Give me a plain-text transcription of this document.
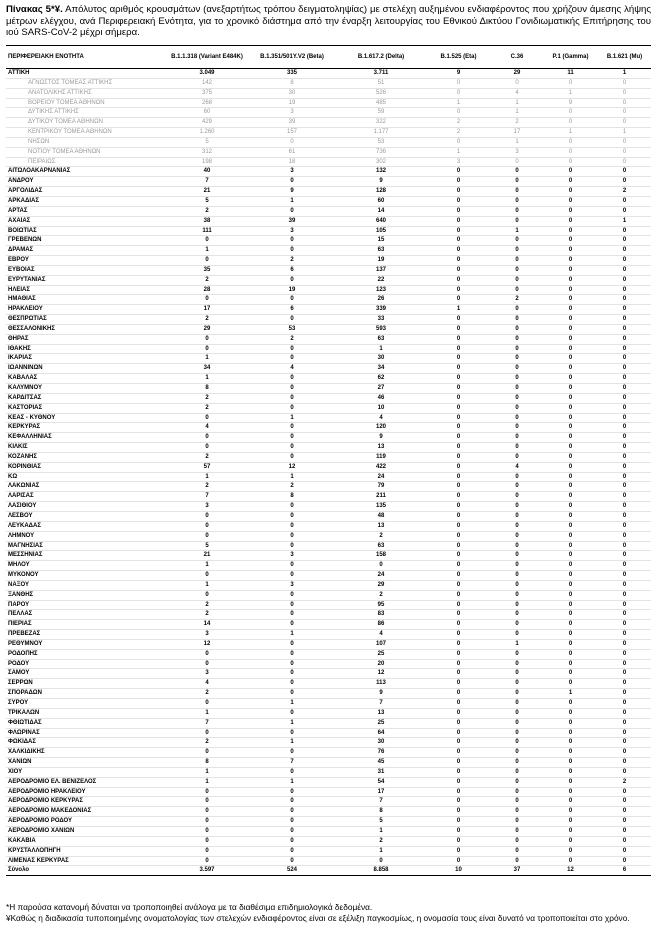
Πίνακας 5*¥. Απόλυτος αριθμός κρουσμάτων (ανεξαρτήτως τρόπου δειγματοληψίας) με στελέχη αυξημένου ενδιαφέροντος που χρήζουν άμεσης λήψης μέτρων ελέγχου, ανά Περιφερειακή Ενότητα, για το χρονικό διάστημα από την έναρξη λειτουργίας του Εθνικού Δικτύου Γονιδιωματικής Επιτήρησης του ιού SARS-CoV-2 μέχρι σήμερα.
ΠΕΡΙΦΕΡΕΙΑΚΗ ΕΝΟΤΗΤΑ	B.1.1.318 (Variant E484K)	B.1.351/501Y.V2 (Beta)	B.1.617.2 (Delta)	B.1.525 (Eta)	C.36	P.1 (Gamma)	B.1.621 (Mu)
ΑΤΤΙΚΗ	3.049	335	3.711	9	29	11	1
ΑΓΝΩΣΤΟΣ ΤΟΜΕΑΣ ΑΤΤΙΚΗΣ	142	8	51	0	0	0	0
ΑΝΑΤΟΛΙΚΗΣ ΑΤΤΙΚΗΣ	375	30	526	0	4	1	0
ΒΟΡΕΙΟΥ ΤΟΜΕΑ ΑΘΗΝΩΝ	268	19	485	1	1	9	0
ΔΥΤΙΚΗΣ ΑΤΤΙΚΗΣ	60	3	59	0	1	0	0
ΔΥΤΙΚΟΥ ΤΟΜΕΑ ΑΘΗΝΩΝ	429	39	322	2	2	0	0
ΚΕΝΤΡΙΚΟΥ ΤΟΜΕΑ ΑΘΗΝΩΝ	1.260	157	1.177	2	17	1	1
ΝΗΣΩΝ	5	0	53	0	1	0	0
ΝΟΤΙΟΥ ΤΟΜΕΑ ΑΘΗΝΩΝ	312	61	736	1	3	0	0
ΠΕΙΡΑΙΩΣ	198	18	302	3	0	0	0
ΑΙΤΩΛΟΑΚΑΡΝΑΝΙΑΣ	40	3	132	0	0	0	0
ΑΝΔΡΟΥ	7	0	9	0	0	0	0
ΑΡΓΟΛΙΔΑΣ	21	9	128	0	0	0	2
ΑΡΚΑΔΙΑΣ	5	1	60	0	0	0	0
ΑΡΤΑΣ	2	0	14	0	0	0	0
ΑΧΑΪΑΣ	38	39	640	0	0	0	1
ΒΟΙΩΤΙΑΣ	111	3	105	0	1	0	0
ΓΡΕΒΕΝΩΝ	0	0	15	0	0	0	0
ΔΡΑΜΑΣ	1	0	63	0	0	0	0
ΕΒΡΟΥ	0	2	19	0	0	0	0
ΕΥΒΟΙΑΣ	35	6	137	0	0	0	0
ΕΥΡΥΤΑΝΙΑΣ	2	0	22	0	0	0	0
ΗΛΕΙΑΣ	28	19	123	0	0	0	0
ΗΜΑΘΙΑΣ	0	0	26	0	2	0	0
ΗΡΑΚΛΕΙΟΥ	17	6	339	1	0	0	0
ΘΕΣΠΡΩΤΙΑΣ	2	0	33	0	0	0	0
ΘΕΣΣΑΛΟΝΙΚΗΣ	29	53	593	0	0	0	0
ΘΗΡΑΣ	0	2	63	0	0	0	0
ΙΘΑΚΗΣ	0	0	1	0	0	0	0
ΙΚΑΡΙΑΣ	1	0	30	0	0	0	0
ΙΩΑΝΝΙΝΩΝ	34	4	34	0	0	0	0
ΚΑΒΑΛΑΣ	1	0	62	0	0	0	0
ΚΑΛΥΜΝΟΥ	8	0	27	0	0	0	0
ΚΑΡΔΙΤΣΑΣ	2	0	46	0	0	0	0
ΚΑΣΤΟΡΙΑΣ	2	0	10	0	0	0	0
ΚΕΑΣ - ΚΥΘΝΟΥ	0	1	4	0	0	0	0
ΚΕΡΚΥΡΑΣ	4	0	120	0	0	0	0
ΚΕΦΑΛΛΗΝΙΑΣ	0	0	9	0	0	0	0
ΚΙΛΚΙΣ	0	0	13	0	0	0	0
ΚΟΖΑΝΗΣ	2	0	119	0	0	0	0
ΚΟΡΙΝΘΙΑΣ	57	12	422	0	4	0	0
ΚΩ	1	1	24	0	0	0	0
ΛΑΚΩΝΙΑΣ	2	2	79	0	0	0	0
ΛΑΡΙΣΑΣ	7	8	211	0	0	0	0
ΛΑΣΙΘΙΟΥ	3	0	135	0	0	0	0
ΛΕΣΒΟΥ	0	0	48	0	0	0	0
ΛΕΥΚΑΔΑΣ	0	0	13	0	0	0	0
ΛΗΜΝΟΥ	0	0	2	0	0	0	0
ΜΑΓΝΗΣΙΑΣ	5	0	63	0	0	0	0
ΜΕΣΣΗΝΙΑΣ	21	3	158	0	0	0	0
ΜΗΛΟΥ	1	0	0	0	0	0	0
ΜΥΚΟΝΟΥ	0	0	24	0	0	0	0
ΝΑΞΟΥ	1	3	29	0	0	0	0
ΞΑΝΘΗΣ	0	0	2	0	0	0	0
ΠΑΡΟΥ	2	0	95	0	0	0	0
ΠΕΛΛΑΣ	2	0	83	0	0	0	0
ΠΙΕΡΙΑΣ	14	0	86	0	0	0	0
ΠΡΕΒΕΖΑΣ	3	1	4	0	0	0	0
ΡΕΘΥΜΝΟΥ	12	0	107	0	1	0	0
ΡΟΔΟΠΗΣ	0	0	25	0	0	0	0
ΡΟΔΟΥ	0	0	20	0	0	0	0
ΣΑΜΟΥ	3	0	12	0	0	0	0
ΣΕΡΡΩΝ	4	0	113	0	0	0	0
ΣΠΟΡΑΔΩΝ	2	0	9	0	0	1	0
ΣΥΡΟΥ	0	1	7	0	0	0	0
ΤΡΙΚΑΛΩΝ	1	0	13	0	0	0	0
ΦΘΙΩΤΙΔΑΣ	7	1	25	0	0	0	0
ΦΛΩΡΙΝΑΣ	0	0	64	0	0	0	0
ΦΩΚΙΔΑΣ	2	1	30	0	0	0	0
ΧΑΛΚΙΔΙΚΗΣ	0	0	76	0	0	0	0
ΧΑΝΙΩΝ	8	7	45	0	0	0	0
ΧΙΟΥ	1	0	31	0	0	0	0
ΑΕΡΟΔΡΟΜΙΟ ΕΛ. ΒΕΝΙΖΕΛΟΣ	1	1	54	0	0	0	2
ΑΕΡΟΔΡΟΜΙΟ ΗΡΑΚΛΕΙΟΥ	0	0	17	0	0	0	0
ΑΕΡΟΔΡΟΜΙΟ ΚΕΡΚΥΡΑΣ	0	0	7	0	0	0	0
ΑΕΡΟΔΡΟΜΙΟ ΜΑΚΕΔΟΝΙΑΣ	0	0	8	0	0	0	0
ΑΕΡΟΔΡΟΜΙΟ ΡΟΔΟΥ	0	0	5	0	0	0	0
ΑΕΡΟΔΡΟΜΙΟ ΧΑΝΙΩΝ	0	0	1	0	0	0	0
ΚΑΚΑΒΙΑ	0	0	2	0	0	0	0
ΚΡΥΣΤΑΛΛΟΠΗΓΗ	0	0	1	0	0	0	0
ΛΙΜΕΝΑΣ ΚΕΡΚΥΡΑΣ	0	0	0	0	0	0	0
Σύνολο	3.597	524	8.858	10	37	12	6
*Η παρούσα κατανομή δύναται να τροποποιηθεί ανάλογα με τα διαθέσιμα επιδημιολογικά δεδομένα.
¥Καθώς η διαδικασία τυποποιημένης ονοματολογίας των στελεχών ενδιαφέροντος είναι σε εξέλιξη παγκοσμίως, η ονομασία τους είναι δυνατό να τροποποιείται στο χρόνο.
